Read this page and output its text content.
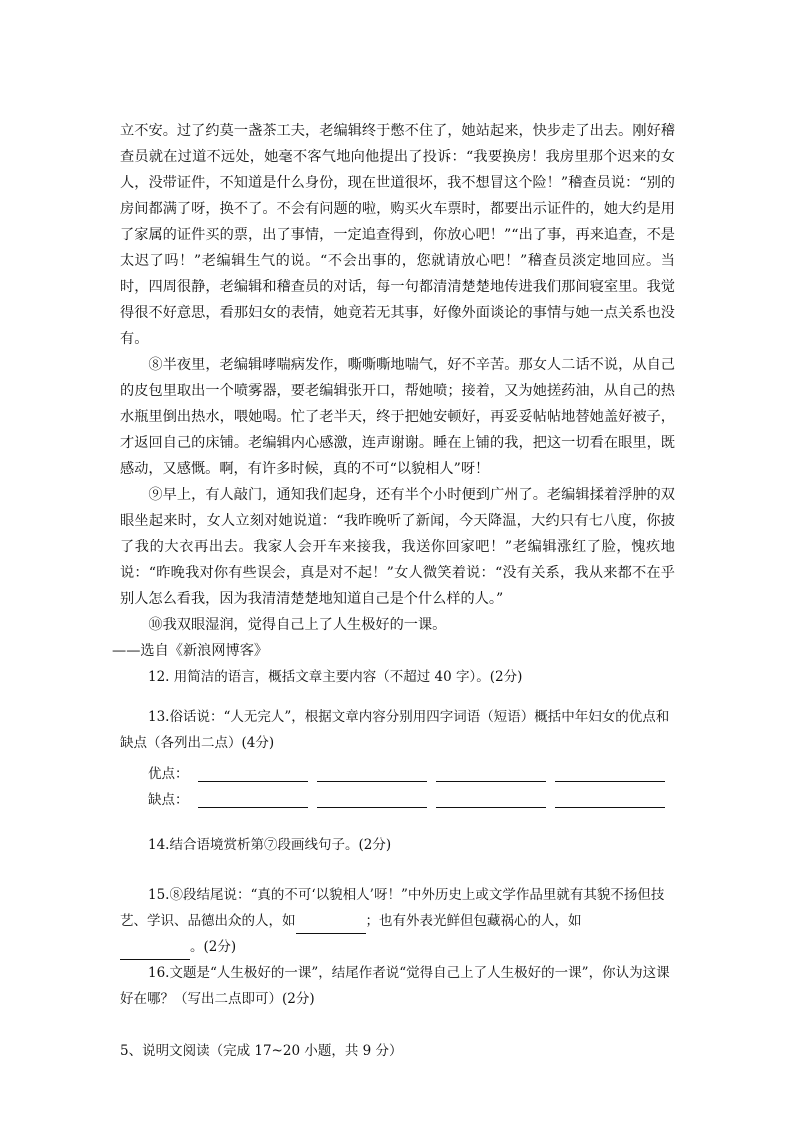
立不安。过了约莫一盏茶工夫，老编辑终于憋不住了，她站起来，快步走了出去。刚好稽查员就在过道不远处，她毫不客气地向他提出了投诉：“我要换房！我房里那个迟来的女人，没带证件，不知道是什么身份，现在世道很坏，我不想冒这个险！”稽查员说：“别的房间都满了呀，换不了。不会有问题的啦，购买火车票时，都要出示证件的，她大约是用了家属的证件买的票，出了事情，一定追查得到，你放心吧！”“出了事，再来追查，不是太迟了吗！”老编辑生气的说。“不会出事的，您就请放心吧！”稽查员淡定地回应。当时，四周很静，老编辑和稽查员的对话，每一句都清清楚楚地传进我们那间寝室里。我觉得很不好意思，看那妇女的表情，她竟若无其事，好像外面谈论的事情与她一点关系也没有。

⑧半夜里，老编辑哮喘病发作，嘶嘶嘶地喘气，好不辛苦。那女人二话不说，从自己的皮包里取出一个喷雾器，要老编辑张开口，帮她喷；接着，又为她搓药油，从自己的热水瓶里倒出热水，喂她喝。忙了老半天，终于把她安顿好，再妥妥帖帖地替她盖好被子，才返回自己的床铺。老编辑内心感激，连声谢谢。睡在上铺的我，把这一切看在眼里，既感动，又感慨。啊，有许多时候，真的不可“以貌相人”呀！

⑨早上，有人敲门，通知我们起身，还有半个小时便到广州了。老编辑揉着浮肿的双眼坐起来时，女人立刻对她说道：“我昨晚听了新闻，今天降温，大约只有七八度，你披了我的大衣再出去。我家人会开车来接我，我送你回家吧！”老编辑涨红了脸，愧疚地说：“昨晚我对你有些误会，真是对不起！”女人微笑着说：“没有关系，我从来都不在乎别人怎么看我，因为我清清楚楚地知道自己是个什么样的人。”

⑩我双眼湿润，觉得自己上了人生极好的一课。

——选自《新浪网博客》

12. 用简洁的语言，概括文章主要内容（不超过 40 字）。(2分)

13.俗话说：“人无完人”，根据文章内容分别用四字词语（短语）概括中年妇女的优点和缺点（各列出二点）(4分)

优点：
缺点：

14.结合语境赏析第⑦段画线句子。(2分)

15.⑧段结尾说：“真的不可‘以貌相人’呀！”中外历史上或文学作品里就有其貌不扬但技 艺、学识、品德出众的人，如	；也有外表光鲜但包藏祸心的人，如
。(2分)

16.文题是“人生极好的一课”，结尾作者说“觉得自己上了人生极好的一课”，你认为这课好在哪？（写出二点即可）(2分)

5、说明文阅读（完成 17~20 小题，共 9 分）
